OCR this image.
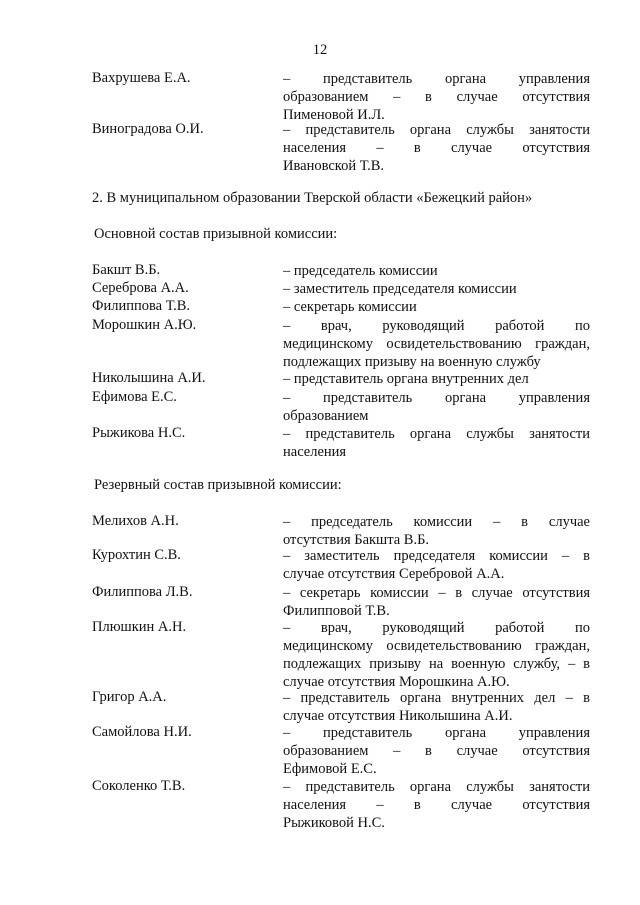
12
Вахрушева Е.А.	– представитель органа управления
образованием – в случае отсутствия
Пименовой И.Л.
Виноградова О.И.	– представитель органа службы занятости
населения – в случае отсутствия
Ивановской Т.В.
2. В муниципальном образовании Тверской области «Бежецкий район»
Основной состав призывной комиссии:
Бакшт В.Б.	– председатель комиссии
Сереброва А.А.	– заместитель председателя комиссии
Филиппова Т.В.	– секретарь комиссии
Морошкин А.Ю.	– врач, руководящий работой по
медицинскому освидетельствованию граждан,
подлежащих призыву на военную службу
Николышина А.И.	– представитель органа внутренних дел
Ефимова Е.С.	– представитель органа управления
образованием
Рыжикова Н.С.	– представитель органа службы занятости
населения
Резервный состав призывной комиссии:
Мелихов А.Н.	– председатель комиссии – в случае
отсутствия Бакшта В.Б.
Курохтин С.В.	– заместитель председателя комиссии – в
случае отсутствия Серебровой А.А.
Филиппова Л.В.	– секретарь комиссии – в случае отсутствия
Филипповой Т.В.
Плюшкин А.Н.	– врач, руководящий работой по
медицинскому освидетельствованию граждан,
подлежащих призыву на военную службу, – в
случае отсутствия Морошкина А.Ю.
Григор А.А.	– представитель органа внутренних дел – в
случае отсутствия Николышина А.И.
Самойлова Н.И.	– представитель органа управления
образованием – в случае отсутствия
Ефимовой Е.С.
Соколенко Т.В.	– представитель органа службы занятости
населения – в случае отсутствия
Рыжиковой Н.С.
